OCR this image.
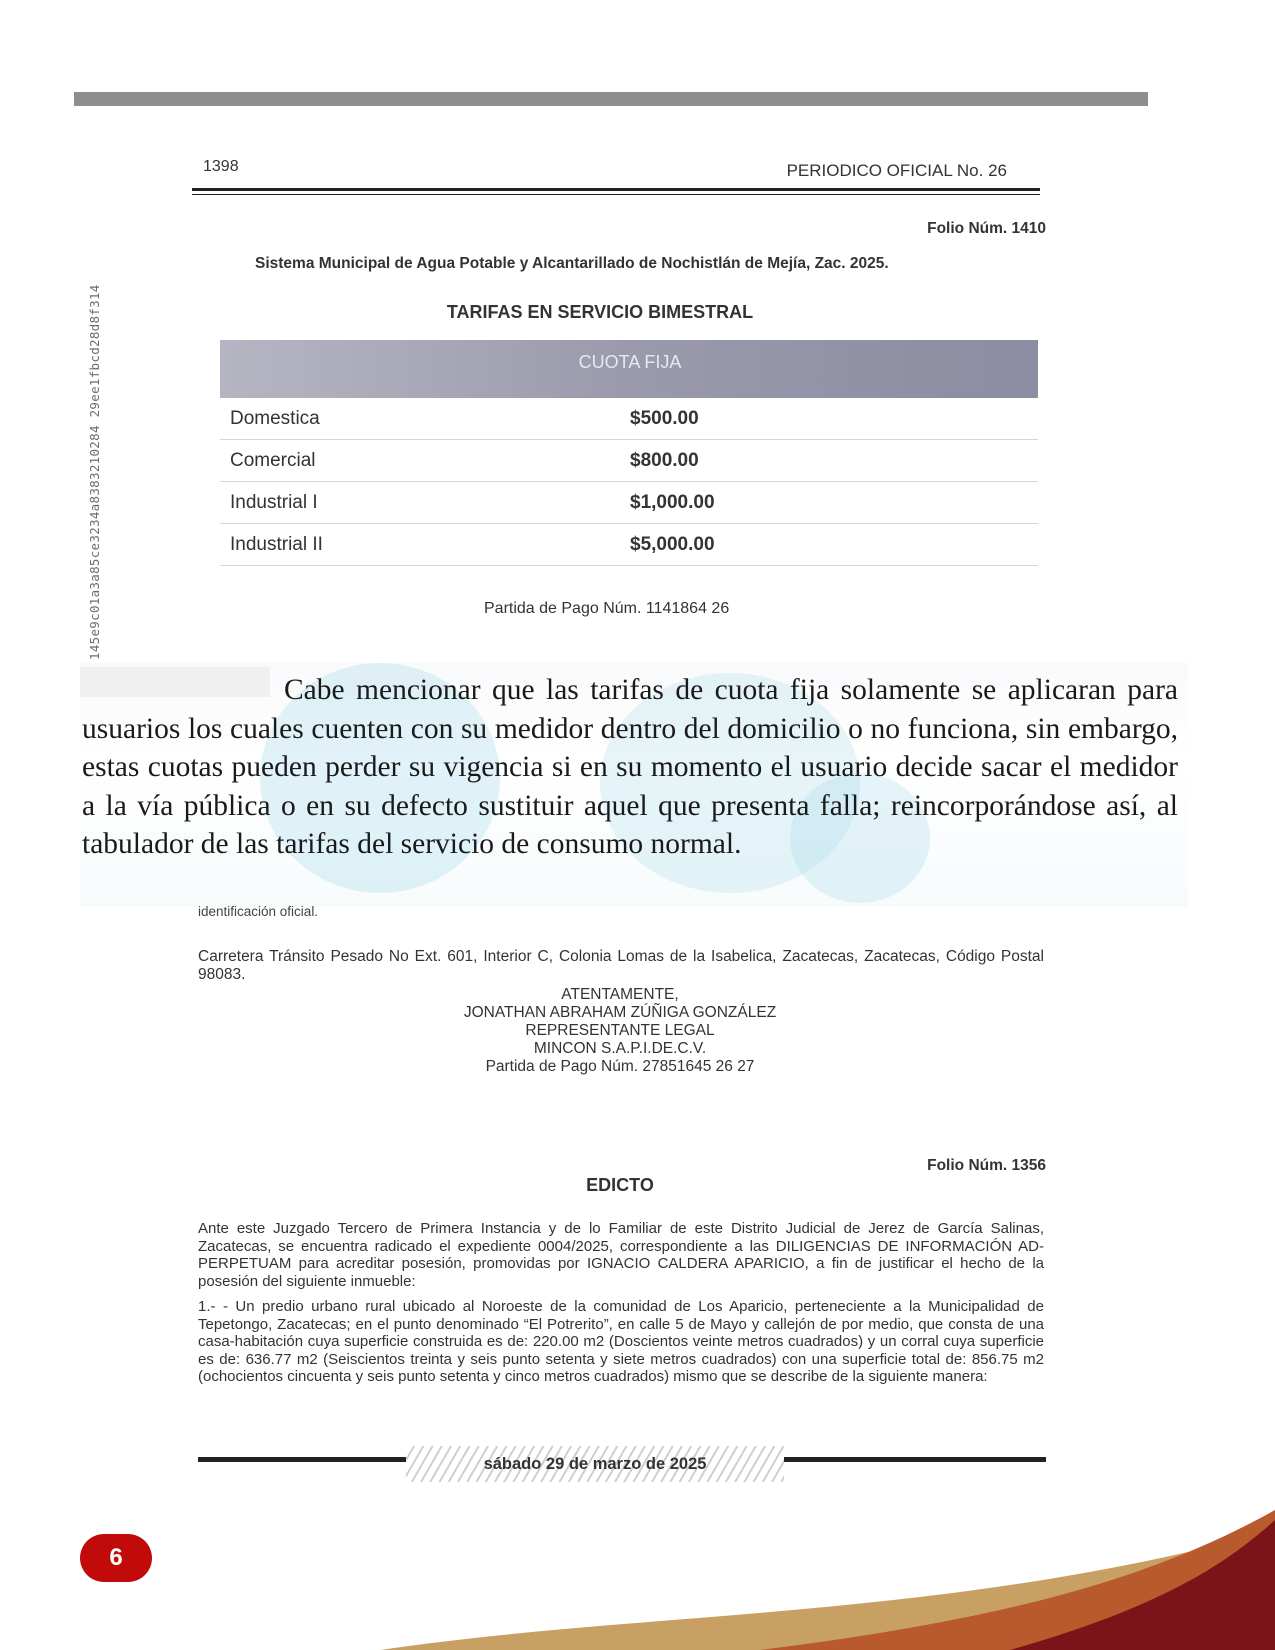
145e9c01a3a85ce3234a8383210284 29ee1fbcd28d8f314
1398	PERIODICO OFICIAL No. 26
Folio Núm. 1410
Sistema Municipal de Agua Potable y Alcantarillado de Nochistlán de Mejía, Zac. 2025.
TARIFAS EN SERVICIO BIMESTRAL
CUOTA FIJA	
Domestica	$500.00
Comercial	$800.00
Industrial I	$1,000.00
Industrial II	$5,000.00
Partida de Pago Núm. 1141864 26

Cabe mencionar que las tarifas de cuota fija solamente se aplicaran para usuarios los cuales cuenten con su medidor dentro del domicilio o no funciona, sin embargo, estas cuotas pueden perder su vigencia si en su momento el usuario decide sacar el medidor a la vía pública o en su defecto sustituir aquel que presenta falla; reincorporándose así, al tabulador de las tarifas del servicio de consumo normal.

identificación oficial.
Carretera Tránsito Pesado No Ext. 601, Interior C, Colonia Lomas de la Isabelica, Zacatecas, Zacatecas, Código Postal 98083.
ATENTAMENTE,
JONATHAN ABRAHAM ZÚÑIGA GONZÁLEZ
REPRESENTANTE LEGAL
MINCON S.A.P.I.DE.C.V.
Partida de Pago Núm. 27851645 26 27
Folio Núm. 1356
EDICTO
Ante este Juzgado Tercero de Primera Instancia y de lo Familiar de este Distrito Judicial de Jerez de García Salinas, Zacatecas, se encuentra radicado el expediente 0004/2025, correspondiente a las DILIGENCIAS DE INFORMACIÓN AD-PERPETUAM para acreditar posesión, promovidas por IGNACIO CALDERA APARICIO, a fin de justificar el hecho de la posesión del siguiente inmueble:
1.- - Un predio urbano rural ubicado al Noroeste de la comunidad de Los Aparicio, perteneciente a la Municipalidad de Tepetongo, Zacatecas; en el punto denominado “El Potrerito”, en calle 5 de Mayo y callejón de por medio, que consta de una casa-habitación cuya superficie construida es de: 220.00 m2 (Doscientos veinte metros cuadrados) y un corral cuya superficie es de: 636.77 m2 (Seiscientos treinta y seis punto setenta y siete metros cuadrados) con una superficie total de: 856.75 m2 (ochocientos cincuenta y seis punto setenta y cinco metros cuadrados) mismo que se describe de la siguiente manera:
sábado 29 de marzo de 2025
6
